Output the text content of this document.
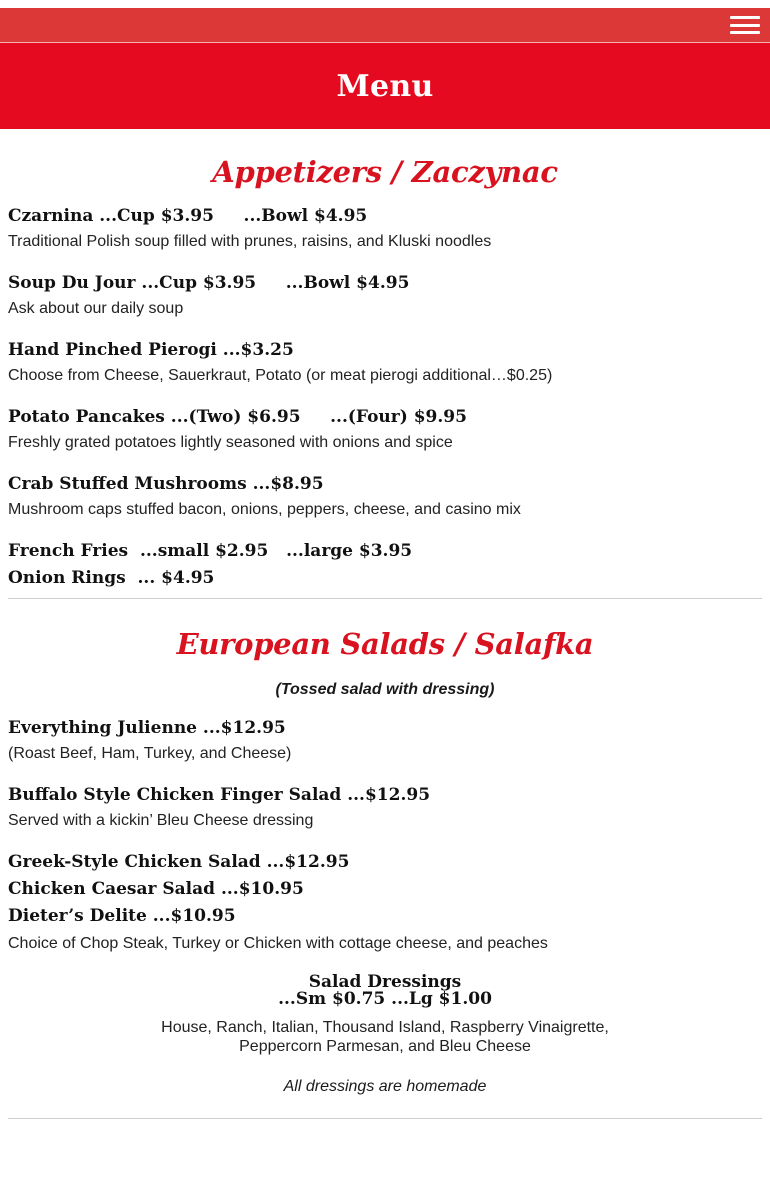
Menu
Appetizers / Zaczynac
Czarnina ...Cup $3.95     ...Bowl $4.95
Traditional Polish soup filled with prunes, raisins, and Kluski noodles
Soup Du Jour ...Cup $3.95     ...Bowl $4.95
Ask about our daily soup
Hand Pinched Pierogi ...$3.25
Choose from Cheese, Sauerkraut, Potato (or meat pierogi additional…$0.25)
Potato Pancakes ...(Two) $6.95     ...(Four) $9.95
Freshly grated potatoes lightly seasoned with onions and spice
Crab Stuffed Mushrooms ...$8.95
Mushroom caps stuffed bacon, onions, peppers, cheese, and casino mix
French Fries  ...small $2.95   ...large $3.95
Onion Rings  ... $4.95
European Salads / Salafka
(Tossed salad with dressing)
Everything Julienne ...$12.95
(Roast Beef, Ham, Turkey, and Cheese)
Buffalo Style Chicken Finger Salad ...$12.95
Served with a kickin’ Bleu Cheese dressing
Greek-Style Chicken Salad ...$12.95
Chicken Caesar Salad ...$10.95
Dieter’s Delite ...$10.95
Choice of Chop Steak, Turkey or Chicken with cottage cheese, and peaches
Salad Dressings
...Sm $0.75 ...Lg $1.00
House, Ranch, Italian, Thousand Island, Raspberry Vinaigrette,
Peppercorn Parmesan, and Bleu Cheese
All dressings are homemade
